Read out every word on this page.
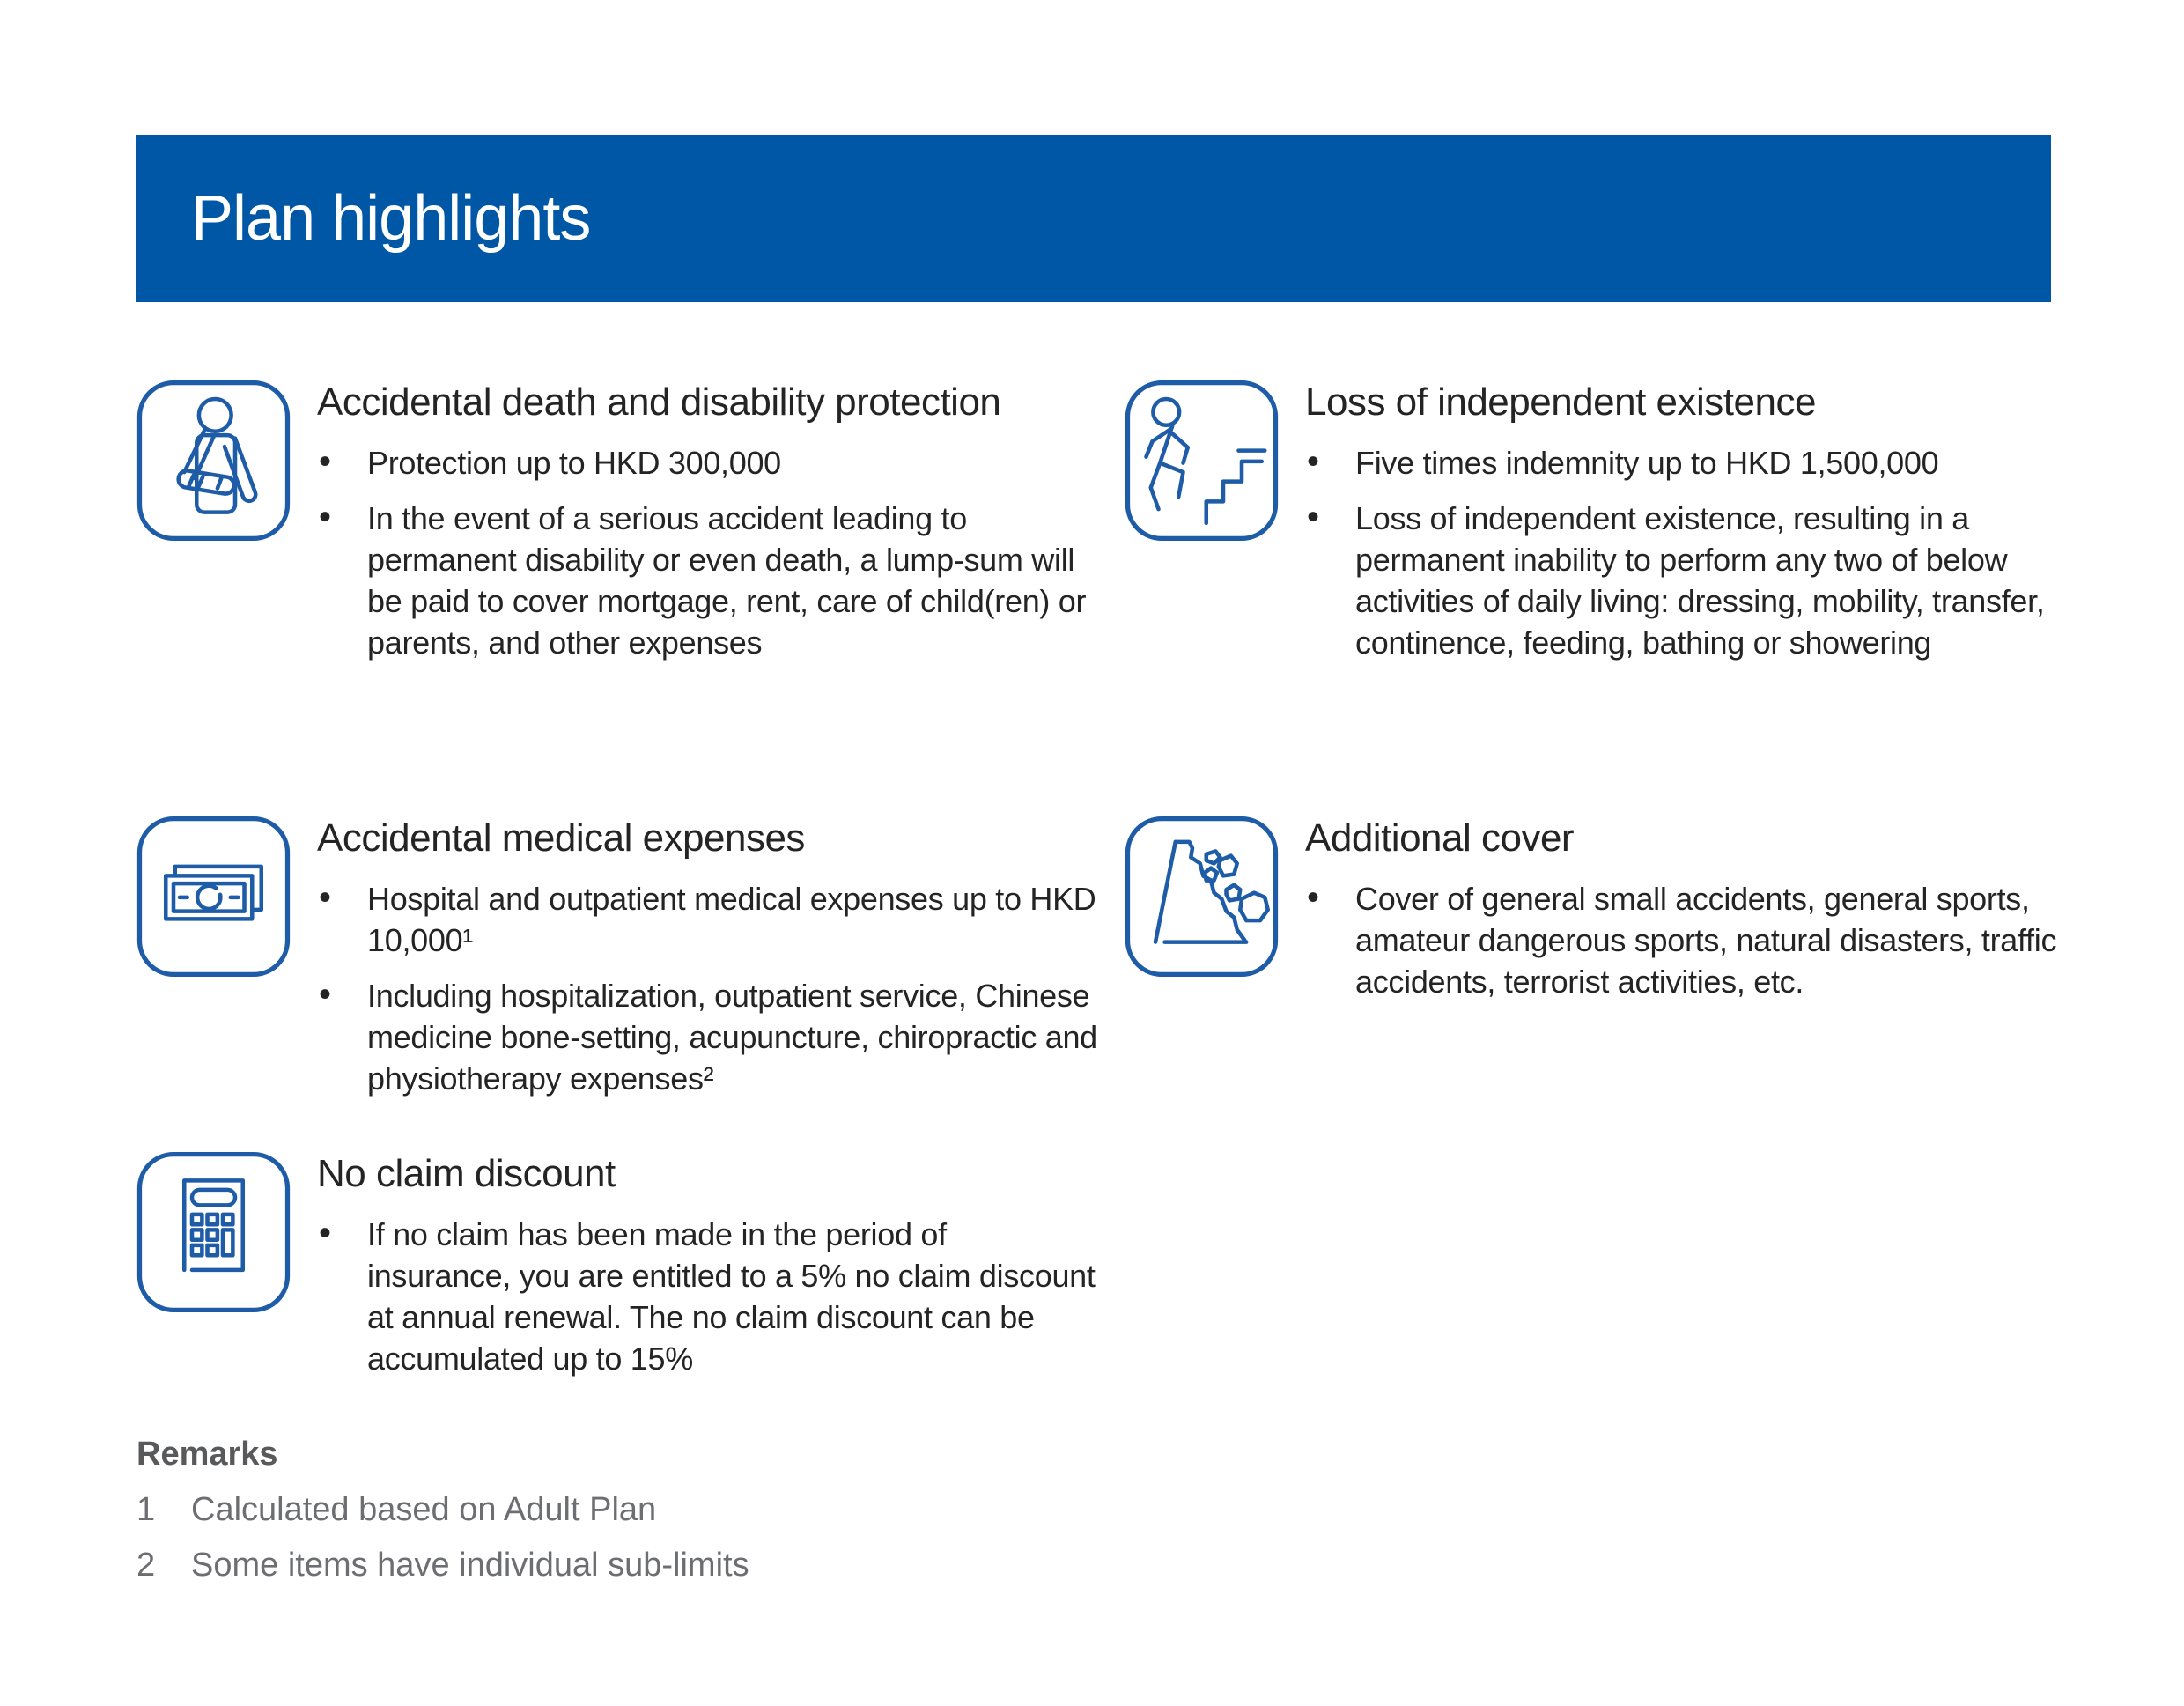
Plan highlights
Accidental death and disability protection
• Protection up to HKD 300,000
• In the event of a serious accident leading to permanent disability or even death, a lump-sum will be paid to cover mortgage, rent, care of child(ren) or parents, and other expenses
Accidental medical expenses
• Hospital and outpatient medical expenses up to HKD 10,000¹
• Including hospitalization, outpatient service, Chinese medicine bone-setting, acupuncture, chiropractic and physiotherapy expenses²
No claim discount
• If no claim has been made in the period of insurance, you are entitled to a 5% no claim discount at annual renewal. The no claim discount can be accumulated up to 15%
Loss of independent existence
• Five times indemnity up to HKD 1,500,000
• Loss of independent existence, resulting in a permanent inability to perform any two of below activities of daily living: dressing, mobility, transfer, continence, feeding, bathing or showering
Additional cover
• Cover of general small accidents, general sports, amateur dangerous sports, natural disasters, traffic accidents, terrorist activities, etc.

Remarks

1	Calculated based on Adult Plan
2	Some items have individual sub-limits
